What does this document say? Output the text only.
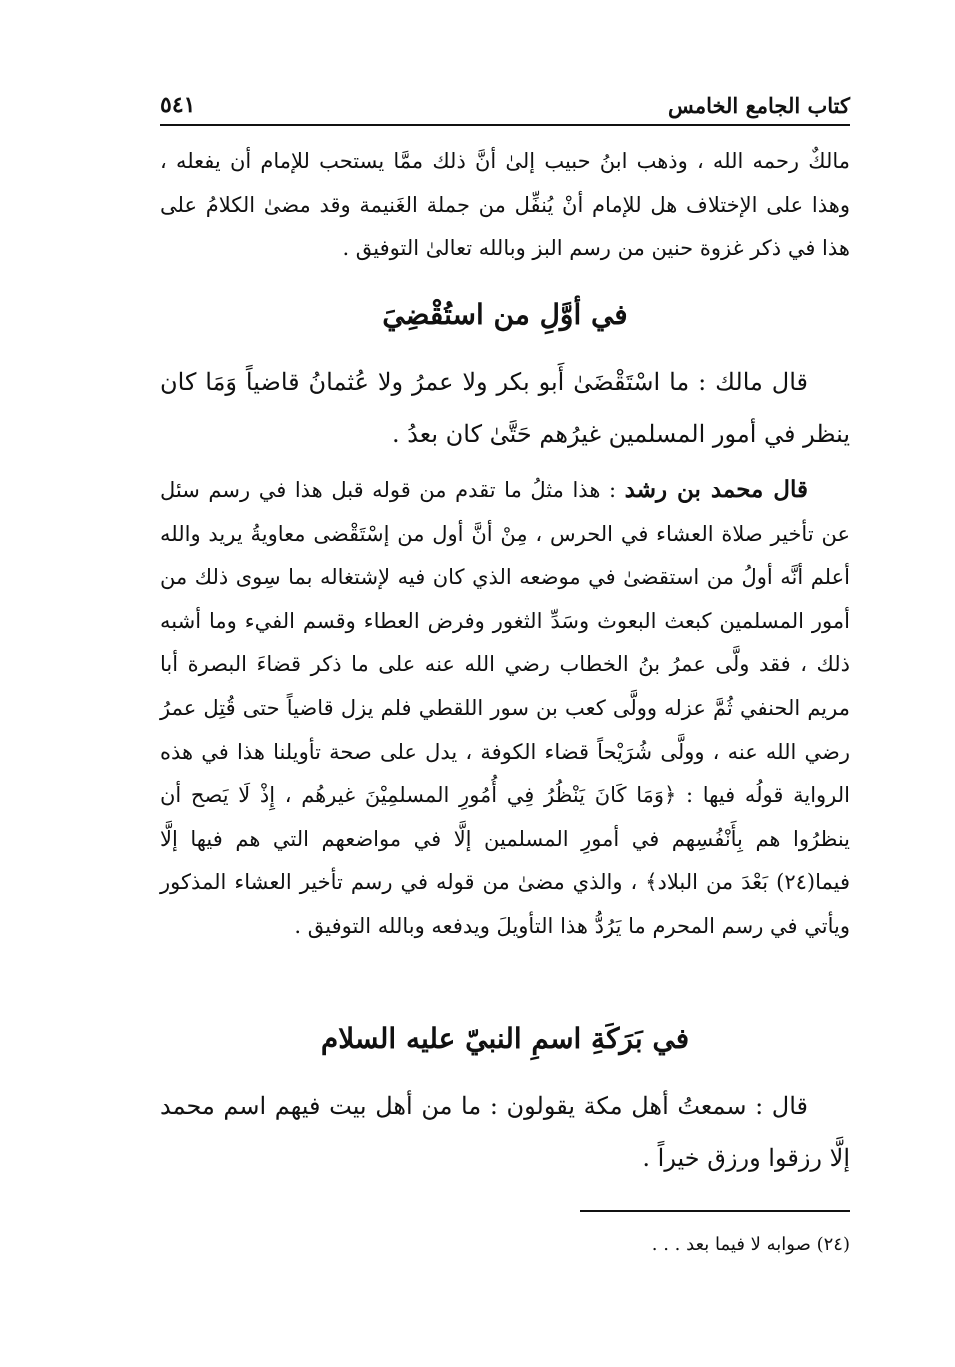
كتاب الجامع الخامس
٥٤١

مالكٌ رحمه الله ، وذهب ابنُ حبيب إلىٰ أنَّ ذلك ممَّا يستحب للإمام أن يفعله ، وهذا على الإختلاف هل للإمام أنْ يُنفِّل من جملة الغَنيمة وقد مضىٰ الكلامُ على هذا في ذكر غزوة حنين من رسم البز وبالله تعالىٰ التوفيق .

في أوَّلِ من استُقْضِيَ

قال مالك : ما اسْتَقْضَىٰ أَبو بكر ولا عمرُ ولا عُثمانُ قاضياً وَمَا كان ينظر في أمور المسلمين غيرُهم حَتَّىٰ كان بعدُ .

قال محمد بن رشد : هذا مثلُ ما تقدم من قوله قبل هذا في رسم سئل عن تأخير صلاة العشاء في الحرس ، مِنْ أنَّ أول من إسْتَقْضى معاويةُ يريد والله أعلم أنَّه أولُ من استقضىٰ في موضعه الذي كان فيه لإشتغاله بما سِوى ذلك من أمور المسلمين كبعث البعوث وسَدِّ الثغور وفرض العطاء وقسم الفيء وما أشبه ذلك ، فقد ولَّى عمرُ بنُ الخطاب رضي الله عنه على ما ذكر قضاءَ البصرة أبا مريم الحنفي ثُمَّ عزله وولَّى كعب بن سور اللقطي فلم يزل قاضياً حتى قُتِل عمرُ رضي الله عنه ، وولَّى شُرَيْحاً قضاء الكوفة ، يدل على صحة تأويلنا هذا في هذه الرواية قولُه فيها : ﴿وَمَا كَانَ يَنْظُرُ فِي أُمُورِ المسلمِيْنَ غيرهُم ، إِذْ لَا يَصح أن ينظرُوا هم بِأَنْفُسِهم في أمورِ المسلمين إلَّا في مواضعهم التي هم فيها إلَّا فيما(٢٤) بَعْدَ من البلاد﴾ ، والذي مضىٰ من قوله في رسم تأخير العشاء المذكور ويأتي في رسم المحرم ما يَرُدُّ هذا التأويلَ ويدفعه وبالله التوفيق .

في بَرَكَةِ اسمِ النبيّ عليه السلام

قال : سمعتُ أهل مكة يقولون : ما من أهل بيت فيهم اسم محمد إلَّا رزقوا ورزق خيراً .

(٢٤) صوابه لا فيما بعد . . .
